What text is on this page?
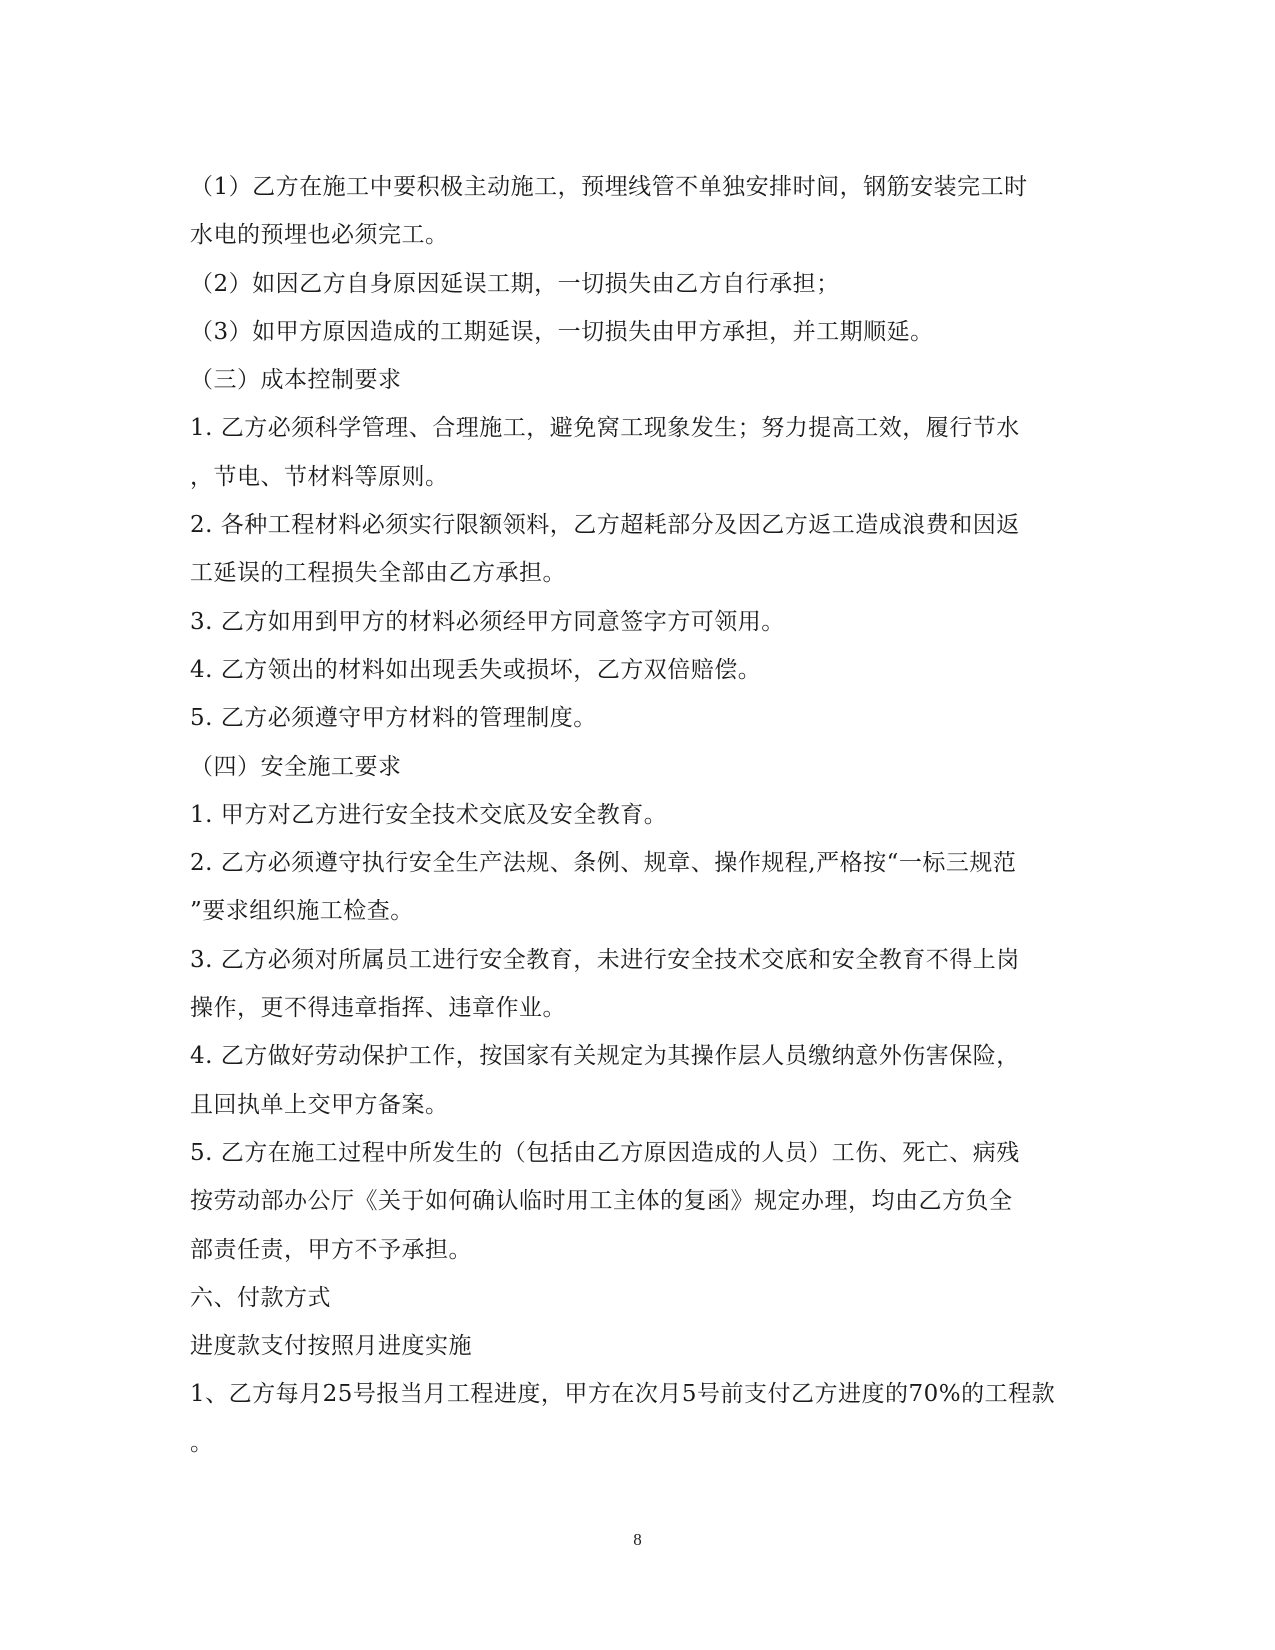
（1）乙方在施工中要积极主动施工，预埋线管不单独安排时间，钢筋安装完工时
水电的预埋也必须完工。
（2）如因乙方自身原因延误工期，一切损失由乙方自行承担；
（3）如甲方原因造成的工期延误，一切损失由甲方承担，并工期顺延。
（三）成本控制要求
1. 乙方必须科学管理、合理施工，避免窝工现象发生；努力提高工效，履行节水
，节电、节材料等原则。
2. 各种工程材料必须实行限额领料，乙方超耗部分及因乙方返工造成浪费和因返
工延误的工程损失全部由乙方承担。
3. 乙方如用到甲方的材料必须经甲方同意签字方可领用。
4. 乙方领出的材料如出现丢失或损坏，乙方双倍赔偿。
5. 乙方必须遵守甲方材料的管理制度。
（四）安全施工要求
1. 甲方对乙方进行安全技术交底及安全教育。
2. 乙方必须遵守执行安全生产法规、条例、规章、操作规程,严格按“一标三规范
”要求组织施工检查。
3. 乙方必须对所属员工进行安全教育，未进行安全技术交底和安全教育不得上岗
操作，更不得违章指挥、违章作业。
4. 乙方做好劳动保护工作，按国家有关规定为其操作层人员缴纳意外伤害保险，
且回执单上交甲方备案。
5. 乙方在施工过程中所发生的（包括由乙方原因造成的人员）工伤、死亡、病残
按劳动部办公厅《关于如何确认临时用工主体的复函》规定办理，均由乙方负全
部责任责，甲方不予承担。
六、付款方式
进度款支付按照月进度实施
1、乙方每月25号报当月工程进度，甲方在次月5号前支付乙方进度的70%的工程款
。
8
